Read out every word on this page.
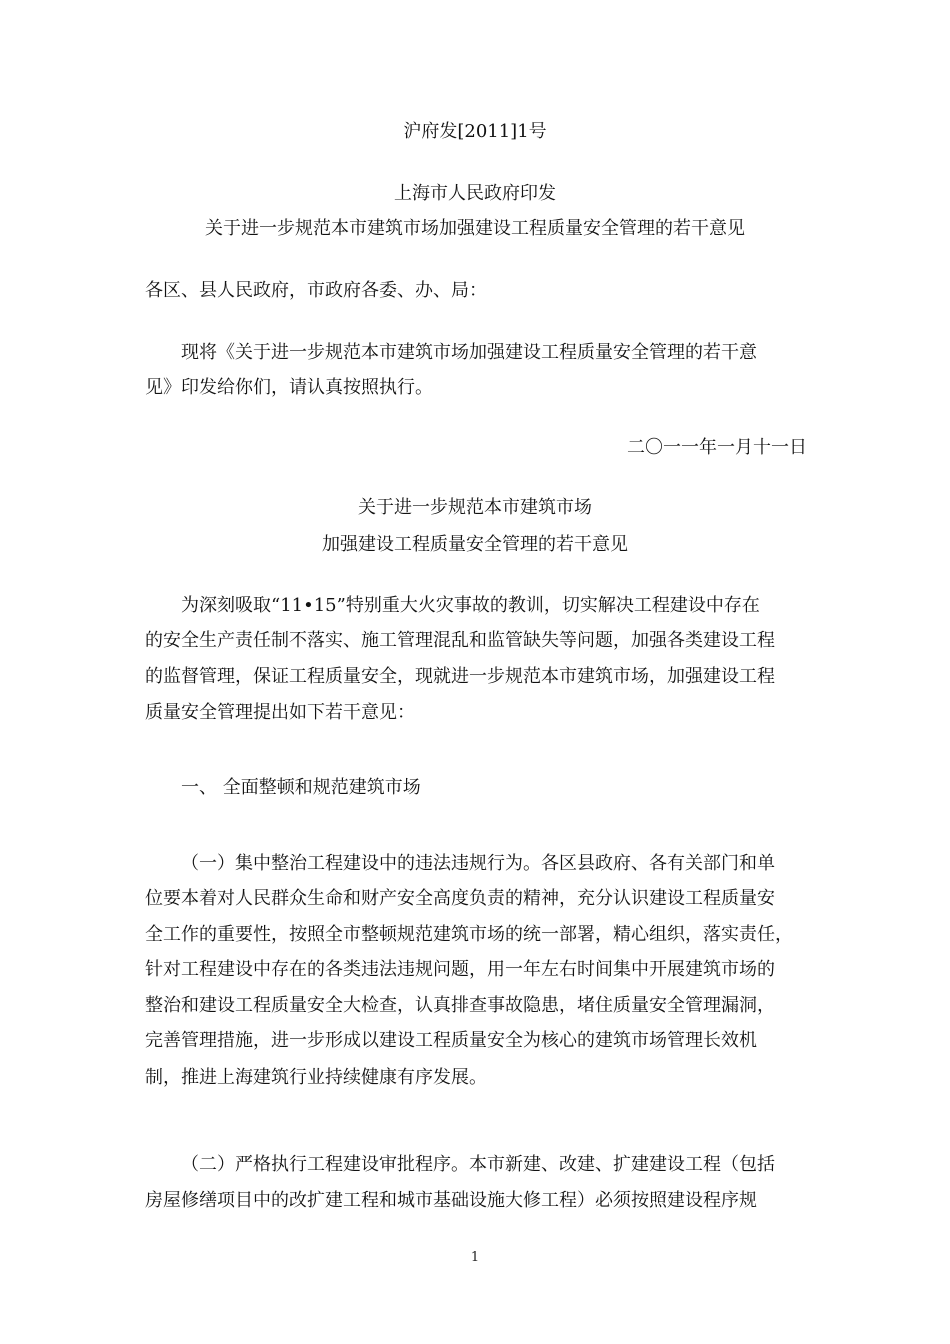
沪府发[2011]1号
上海市人民政府印发
关于进一步规范本市建筑市场加强建设工程质量安全管理的若干意见
各区、县人民政府，市政府各委、办、局：
现将《关于进一步规范本市建筑市场加强建设工程质量安全管理的若干意
见》印发给你们，请认真按照执行。
二〇一一年一月十一日
关于进一步规范本市建筑市场
加强建设工程质量安全管理的若干意见
为深刻吸取“11•15”特别重大火灾事故的教训，切实解决工程建设中存在
的安全生产责任制不落实、施工管理混乱和监管缺失等问题，加强各类建设工程
的监督管理，保证工程质量安全，现就进一步规范本市建筑市场，加强建设工程
质量安全管理提出如下若干意见：
一、 全面整顿和规范建筑市场
（一）集中整治工程建设中的违法违规行为。各区县政府、各有关部门和单
位要本着对人民群众生命和财产安全高度负责的精神，充分认识建设工程质量安
全工作的重要性，按照全市整顿规范建筑市场的统一部署，精心组织，落实责任，
针对工程建设中存在的各类违法违规问题，用一年左右时间集中开展建筑市场的
整治和建设工程质量安全大检查，认真排查事故隐患，堵住质量安全管理漏洞，
完善管理措施，进一步形成以建设工程质量安全为核心的建筑市场管理长效机
制，推进上海建筑行业持续健康有序发展。
（二）严格执行工程建设审批程序。本市新建、改建、扩建建设工程（包括
房屋修缮项目中的改扩建工程和城市基础设施大修工程）必须按照建设程序规
1
